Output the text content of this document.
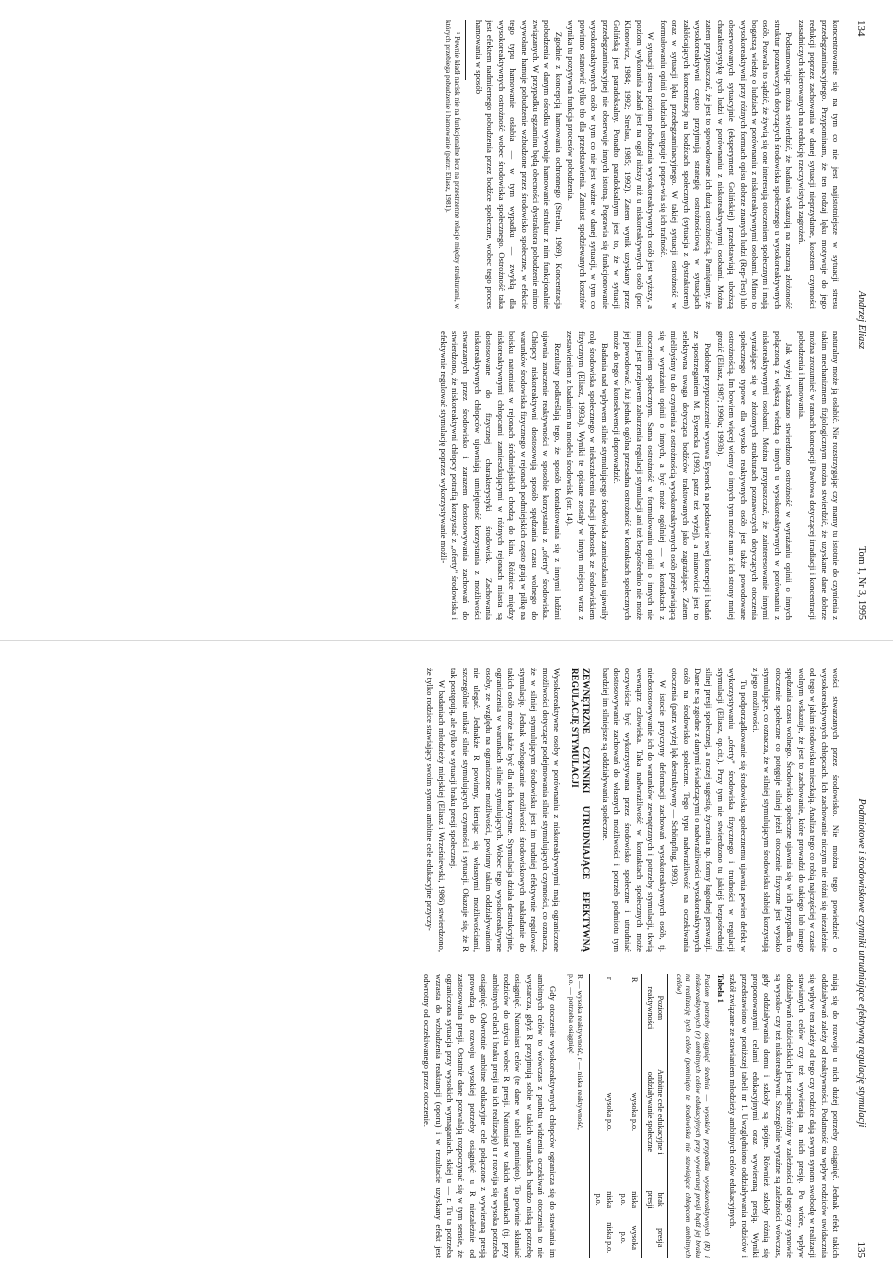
134
Andrzej Eliasz
Tom 1, Nr 3, 1995

koncentrowanie się na tym co nie jest najistotniejsze w sytuacji stresu przedegzaminacyjnego. Przypominam, że ten rodzaj lęku motywuje do jego redukcji poprzez zachowania w danej sytuacji nieprzydatne, kosztem czynności zasadniczych skierowanych na redukcję rzeczywistych zagrożeń.

Podsumowując można stwierdzić, że badania wskazują na znaczną złożoność struktur poznawczych dotyczących środowiska społecznego u wysokoreaktywnych osób. Pozwala to sądzić, że żywią się one interesują otoczeniem społecznym i mają bogatszą wiedzę o ludziach w porównaniu z niskoreaktywnymi osobami. Mimo to wysokoreaktywni przy różnych formach opisu dobrze znanych ludzi (Rep-Test) lub obserwowanych sytuacyjnie (eksperyment Golińskiej) przedstawiają uboższą charakterystykę tych ludzi w porównaniu z niskoreaktywnymi osobami. Można zatem przypuszczać, że jest to spowodowane ich dużą ostrożnością. Pamiętamy, że wysokoreaktywni często przyjmują strategię ostrożnościową w sytuacjach zakłócających koncentrację na bodźcach społecznych (sytuacja z dystraktorem) oraz w sytuacji lęku przedegzaminacyjnego. W takiej sytuacji ostrożność w formułowaniu opinii o ludziach ustępuje i popra-wia się ich trafność.

W sytuacji stresu poziom pobudzenia wysokoreaktywnych osób jest wyższy, a poziom wykonania zadań jest na ogół niższy niż u niskoreaktywnych osób (por. Klonowicz, 1984; 1992; Strelau, 1985; 1992). Zatem wynik uzyskany przez Golińską jest paradoksalny. Ponadto paradoksalnym jest to, że w sytuacji przedegzaminacyjnej nie obserwuje innych istotną. Poprawia się funkcjonowanie wysokoreaktywnych osób w tym co nie jest ważne w danej sytuacji, w tym co powinno stanowić tylko tło dla przedstawienia. Zamiast spodziewanych kosztów wynika tu pozytywna funkcja procesów pobudzenia.

Zgodnie z koncepcją hamowania ochronnego (Strelau, 1969). Koncentracja pobudzenia w danym ośrodku wywołuje hamowanie struktur z nim funkcjonalnie związanych. W przypadku egzaminu będą obecności dystraktora pobudzenie mimo wywołane hamuje pobudzenie wzbudzone przez środowisko społeczne, w efekcie tego typu hamowanie osłabia — w tym wypadku — zwykłą dla wysokoreaktywnych ostrożność wobec środowiska społecznego. Ostrożność taka jest efektem nadmiernego pobudzenia przez bodźce społeczne, wobec tego proces hamowania w sposób

¹ Pewnie kładł nacisk nie na funkcjonalne lecz na przestrzenne relacje między strukturami, w których przebiega pobudzenie i hamowanie (patrz: Eliasz, 1981).

naturalny może ją osłabić. Nie rozstrzygając czy mamy tu istotnie do czynienia z takim mechanizmem fizjologicznym można stwierdzić, że uzyskane dane dobrze można zrozumieć w ramach koncepcji Pawłowa dotyczącej irradiacji i koncentracji pobudzenia i hamowania.

Jak wyżej wskazano stwierdzono ostrożność w wyrażaniu opinii o innych połączoną z większą wiedzą o innych u wysokoreaktywnych w porównaniu z niskoreaktywnymi osobami. Można przypuszczać, że zainteresowanie innymi wyrażające się w złożonych strukturach poznawczych dotyczących otoczenia społecznego typowe dla wysoko reaktywnych osób jest także powodowane ostrożnością. Im bowiem więcej wiemy o innych tym może nam z ich strony mniej grozić (Eliasz, 1987; 1990a; 1993b).

Podobne przypuszczenie wysuwa Eysenck na podstawie swej koncepcji i badań ze spostrzeganiem M. Eysencka (1993, patrz też wyżej), a mianowicie jest to selektywna uwaga dotycząca bodźców traktowanych jako zagrażające. Zatem mielibyśmy tu do czynienia z ostrożnością wysokoreaktywnych osób przejawiającą się w wyrażaniu opinii o innych, a być może ogólniej — w kontaktach z otoczeniem społecznym. Sama ostrożność w formułowaniu opinii o innych nie musi jest przejawem zaburzenia regulacji stymulacji ani też bezpośrednio nie może jej powodować. Już jednak ogólna przesadna ostrożność w kontaktach społecznych może do tego w konsekwencji doprowadzić.

Badania nad wpływem silnie stymulującego środowiska zamieszkania ujawniły rolę środowiska społecznego w niekształceniu relacji jednostek ze środowiskiem fizycznym (Eliasz, 1993a). Wyniki te opisane zostały w innym miejscu wraz z zestawieniem z badaniem na modelu środowisk (str. 14).

Rezultaty podkreślają tego, że sposób kontaktowania się z innymi ludźmi ujawnia znaczenie reaktywności w sposobie korzystania z „oferty" środowiska. Chłopcy niskoreaktywni dostosowują sposób spędzania czasu wolnego do warunków środowiska fizycznego w rejonach podmiejskich często grają w piłkę na boisku natomiast w rejonach śródmiejskich chodzą do kina. Różnice między niskoreaktywnymi chłopcami zamieszkującymi w różnych rejonach miasta są dostosowane do fizycznej charakterystyki środowisk. Zachowania niskoreaktywnych chłopców ujawniają umiejętność korzystania z możliwości stwarzanych przez środowisko i zarazem dostosowywania zachowań do stwierdzono, że niskoreaktywni chłopcy potrafią korzystać z „oferty" środowiska i efektywnie regulować stymulację poprzez wykorzystywanie możli-

Podmiotowe i środowiskowe czynniki utrudniające efektywną regulację stymulacji
135

wości stwarzanych przez środowisko. Nie można tego powiedzieć o wysokoreaktywnych chłopcach. Ich zachowanie niczym nie różni się niezależnie od tego w jakim środowisku mieszkają. Analiza tego co robią najczęściej w czasie wolnym wskazuje, że jest to zachowanie, które prowadzi do takiego lub innego spędzania czasu wolnego. Środowisko społeczne ujawnia się w ich przypadku to otoczenie społeczne co potęguje silniej jeżeli otoczenie fizyczne jest wysoko stymulujące, co oznacza, że w silniej stymulującym środowisku słabiej korzystają z jego możliwości.

Tu podporządkowanie się środowisku społecznemu ujawnia pewien defekt w wykorzystywaniu „oferty" środowiska fizycznego i trudności w regulacji stymulacji (Eliasz, op.cit.). Przy tym nie stwierdzono tu jakiejś bezpośredniej silnej presji społecznej, a raczej sugestię, życzenia np. formy łagodnej perswazji. Dane te są zgodne z danymi świadczącymi o nadwrażliwości wysokoreaktywnych osób na środowisko społeczne. Tego typu nadwrażliwość na oczekiwania otoczenia (patrz wyżej lęk destruktywny — Schönpflug, 1993).

W istocie przyczyny deformacji zachowań wysokoreaktywnych osób, tj. niedostosowywanie ich do warunków zewnętrznych i potrzeby stymulacji, tkwią wewnątrz człowieka. Taka nadwrażliwość w kontaktach społecznych może oczywiście być wykorzystywana przez środowisko społeczne i utrudniać dostosowywanie zachowań do własnych możliwości i potrzeb podmiotu tym bardziej im silniejsze są oddziaływania społeczne.

ZEWNĘTRZNE CZYNNIKI UTRUDNIAJĄCE EFEKTYWNĄ REGULACJĘ STYMULACJI

Wysokoreaktywne osoby w porównaniu z niskoreaktywnymi mają ograniczone możliwości dotyczące podejmowania silnie stymulujących czynności, co oznacza, że w silniej stymulującym środowisku jest im trudniej efektywnie regulować stymulację. Jednak wzbogacanie możliwości środowiskowych nakładanie do takich osób może także być dla nich korzystne. Stymulacja działa destrukcyjnie, ograniczenia w warunkach silnie stymulujących. Wobec tego wysokoreaktywne osoby, ze względu na ograniczone możliwości, powinny takim oddziaływaniom nie ulegać. Jednakże R powinny, kierując się własnymi możliwościami, szczególnie unikać silnie stymulujących czynności i sytuacji. Okazuje się, że R tak postępują, ale tylko w sytuacji braku presji społecznej.

W badaniach młodzieży miejskiej (Eliasz i Wrześniewski, 1986) stwierdzono, że tylko rodzice stawiający swoim synom ambitne cele edukacyjne przyczy-

niają się do rozwoju u nich dużej potrzeby osiągnięć. Jednak efekt takich oddziaływań zależy od reaktywności. Podatność na wpływ rodziców uwidacznia się wpływ ten zależy od tego czy rodzice dają swym synom swobodę w realizacji stawianych celów czy też wywierają na nich presję. Po wtóre, wpływ oddziaływań rodzicielskich jest zupełnie różny w zależności od tego czy synowie są wysoko- czy też niskoreaktywni. Szczególnie wyraźne są zależności wówczas, gdy oddziaływania domu i szkoły są spójne. Również szkoły różnią się proponowanymi celami edukacyjnymi oraz wywieraną presją. Wyniki przedstawiono w poniższej tabeli nr 1. Uwzględniono oddziaływania rodziców i szkół związane ze stawianiem młodzieży ambitnych celów edukacyjnych.

Tabela 1
Poziom potrzeby osiągnięć średnia — wysoki/w przypadku wysokoreaktywnych (R) i niskoreaktywnych (r) ambitnych celów edukacyjnych przy wywieranej presji bądź jej braku na realizację tych celów (pominięto te środowiska nie stawiające chłopcom ambitnych celów)
Poziom reaktywności	Ambitne cele edukacyjne i oddziaływanie społeczne	brak presji	presja
R	wysoka p.o.	niska p.o.	wysoka p.o.
r	wysoka p.o.	niska p.o.	niska p.o.
R — wysoka reaktywność, r — niska reaktywność,
p.o. — potrzeba osiągnięć

Gdy otoczenie wysokoreaktywnych chłopców ogranicza się do stawiania im ambitnych celów to wówczas z punktu widzenia oczekiwań otoczenia to nie wystarcza, gdyż R przyjmują sobie w takich warunkach bardzo niską potrzebę osiągnięć. Natomiast celów (te dane w tabeli pominięto). To powinie skłaniać rodziców do użycia wobec R presji. Natomiast w takich warunkach (tj. przy ambitnych celach i braku presji na ich realizację) u r rozwija się wysoka potrzeba osiągnięć. Odwrotnie ambitne edukacyjne cele połączone z wywieraną presją prowadzą do rozwoju wysokiej potrzeby osiągnięć u R niezależnie od zastosowania presji. Ostatnie dane pozwalają rozpoczynać się w tym sensie, że ograniczona sytuacja przy wysokich wymaganiach. skiej u — r. Tu ta potrzeba wzrasta do wzbudzenia reaktancji (oporu) i w rezultacie uzyskany efekt jest odwrotny od oczekiwanego przez otoczenie.
